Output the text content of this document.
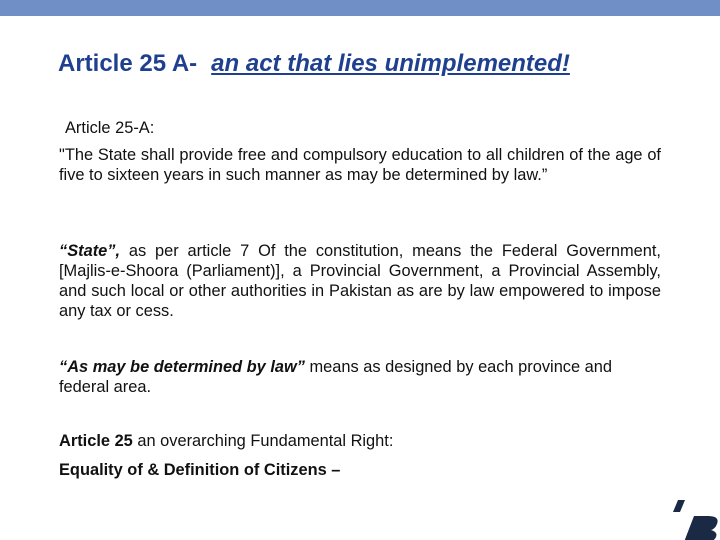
Article 25 A- an act that lies unimplemented!
Article 25-A:

"The State shall provide free and compulsory education to all children of the age of five to sixteen years in such manner as may be determined by law.”

“State”, as per article 7 Of the constitution, means the Federal Government, [Majlis-e-Shoora (Parliament)], a Provincial Government, a Provincial Assembly, and such local or other authorities in Pakistan as are by law empowered to impose any tax or cess.

“As may be determined by law” means as designed by each province and federal area.

Article 25 an overarching Fundamental Right:

Equality of & Definition of Citizens –
